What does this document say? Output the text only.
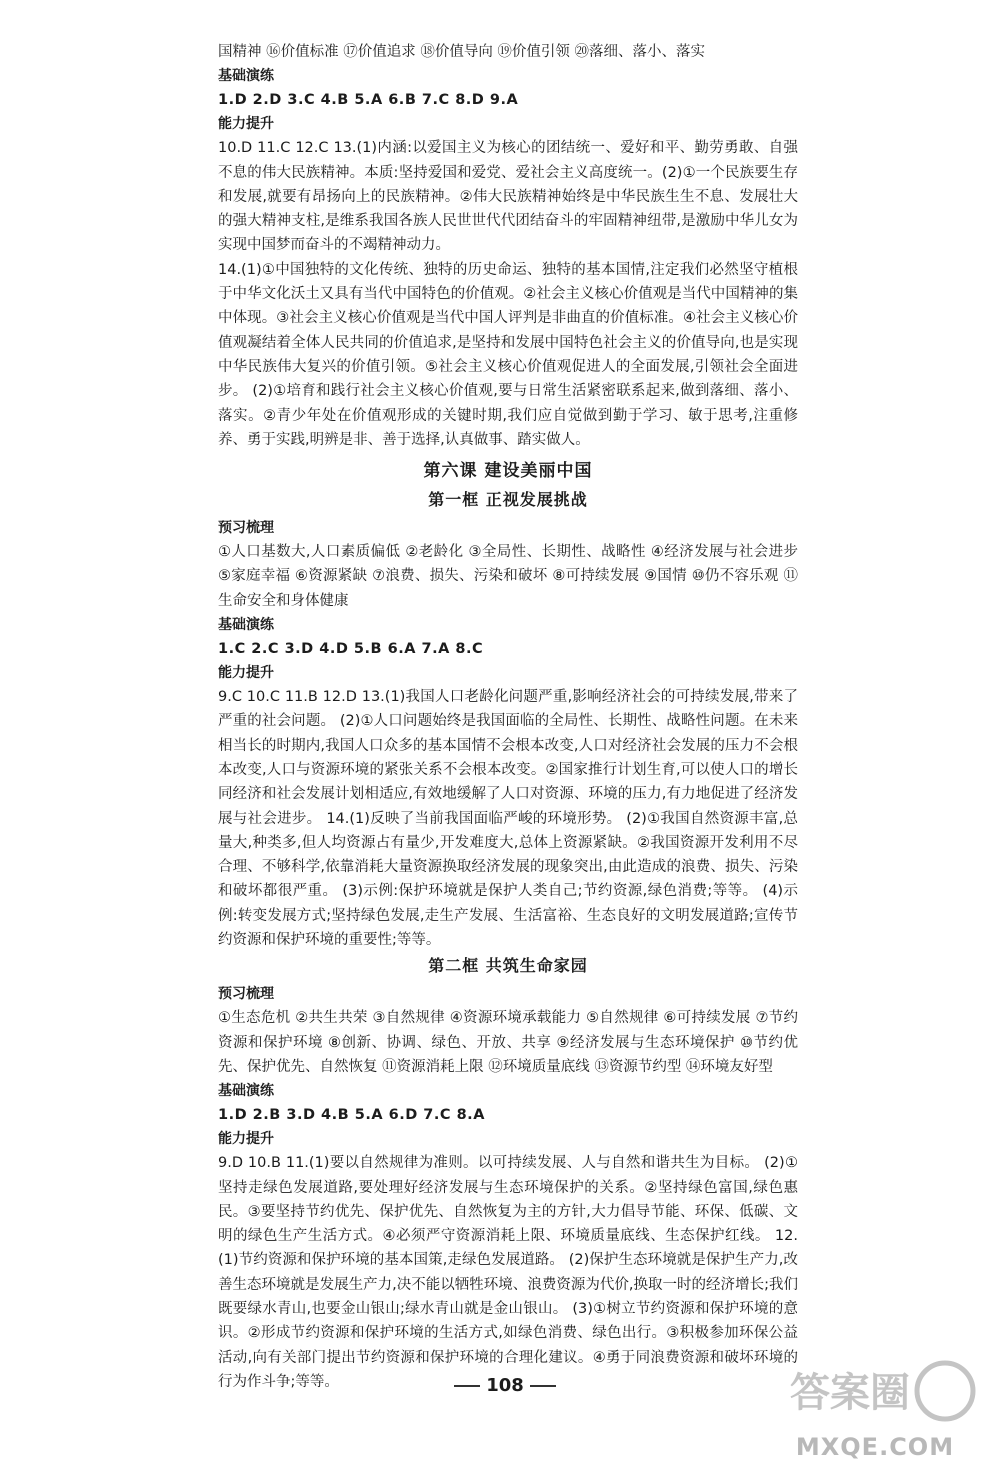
国精神 ⑯价值标准 ⑰价值追求 ⑱价值导向 ⑲价值引领 ⑳落细、落小、落实

基础演练

1.D 2.D 3.C 4.B 5.A 6.B 7.C 8.D 9.A

能力提升

10.D 11.C 12.C 13.(1)内涵:以爱国主义为核心的团结统一、爱好和平、勤劳勇敢、自强不息的伟大民族精神。本质:坚持爱国和爱党、爱社会主义高度统一。(2)①一个民族要生存和发展,就要有昂扬向上的民族精神。②伟大民族精神始终是中华民族生生不息、发展壮大的强大精神支柱,是维系我国各族人民世世代代团结奋斗的牢固精神纽带,是激励中华儿女为实现中国梦而奋斗的不竭精神动力。

14.(1)①中国独特的文化传统、独特的历史命运、独特的基本国情,注定我们必然坚守植根于中华文化沃土又具有当代中国特色的价值观。②社会主义核心价值观是当代中国精神的集中体现。③社会主义核心价值观是当代中国人评判是非曲直的价值标准。④社会主义核心价值观凝结着全体人民共同的价值追求,是坚持和发展中国特色社会主义的价值导向,也是实现中华民族伟大复兴的价值引领。⑤社会主义核心价值观促进人的全面发展,引领社会全面进步。 (2)①培育和践行社会主义核心价值观,要与日常生活紧密联系起来,做到落细、落小、落实。②青少年处在价值观形成的关键时期,我们应自觉做到勤于学习、敏于思考,注重修养、勇于实践,明辨是非、善于选择,认真做事、踏实做人。

第六课 建设美丽中国
第一框 正视发展挑战

预习梳理

①人口基数大,人口素质偏低 ②老龄化 ③全局性、长期性、战略性 ④经济发展与社会进步 ⑤家庭幸福 ⑥资源紧缺 ⑦浪费、损失、污染和破坏 ⑧可持续发展 ⑨国情 ⑩仍不容乐观 ⑪生命安全和身体健康

基础演练

1.C 2.C 3.D 4.D 5.B 6.A 7.A 8.C

能力提升

9.C 10.C 11.B 12.D 13.(1)我国人口老龄化问题严重,影响经济社会的可持续发展,带来了严重的社会问题。 (2)①人口问题始终是我国面临的全局性、长期性、战略性问题。在未来相当长的时期内,我国人口众多的基本国情不会根本改变,人口对经济社会发展的压力不会根本改变,人口与资源环境的紧张关系不会根本改变。②国家推行计划生育,可以使人口的增长同经济和社会发展计划相适应,有效地缓解了人口对资源、环境的压力,有力地促进了经济发展与社会进步。 14.(1)反映了当前我国面临严峻的环境形势。 (2)①我国自然资源丰富,总量大,种类多,但人均资源占有量少,开发难度大,总体上资源紧缺。②我国资源开发利用不尽合理、不够科学,依靠消耗大量资源换取经济发展的现象突出,由此造成的浪费、损失、污染和破坏都很严重。 (3)示例:保护环境就是保护人类自己;节约资源,绿色消费;等等。 (4)示例:转变发展方式;坚持绿色发展,走生产发展、生活富裕、生态良好的文明发展道路;宣传节约资源和保护环境的重要性;等等。

第二框 共筑生命家园

预习梳理

①生态危机 ②共生共荣 ③自然规律 ④资源环境承载能力 ⑤自然规律 ⑥可持续发展 ⑦节约资源和保护环境 ⑧创新、协调、绿色、开放、共享 ⑨经济发展与生态环境保护 ⑩节约优先、保护优先、自然恢复 ⑪资源消耗上限 ⑫环境质量底线 ⑬资源节约型 ⑭环境友好型

基础演练

1.D 2.B 3.D 4.B 5.A 6.D 7.C 8.A

能力提升

9.D 10.B 11.(1)要以自然规律为准则。以可持续发展、人与自然和谐共生为目标。 (2)①坚持走绿色发展道路,要处理好经济发展与生态环境保护的关系。②坚持绿色富国,绿色惠民。③要坚持节约优先、保护优先、自然恢复为主的方针,大力倡导节能、环保、低碳、文明的绿色生产生活方式。④必须严守资源消耗上限、环境质量底线、生态保护红线。 12.(1)节约资源和保护环境的基本国策,走绿色发展道路。 (2)保护生态环境就是保护生产力,改善生态环境就是发展生产力,决不能以牺牲环境、浪费资源为代价,换取一时的经济增长;我们既要绿水青山,也要金山银山;绿水青山就是金山银山。 (3)①树立节约资源和保护环境的意识。②形成节约资源和保护环境的生活方式,如绿色消费、绿色出行。③积极参加环保公益活动,向有关部门提出节约资源和保护环境的合理化建议。④勇于同浪费资源和破坏环境的行为作斗争;等等。	108	答案圈
MXQE.COM
